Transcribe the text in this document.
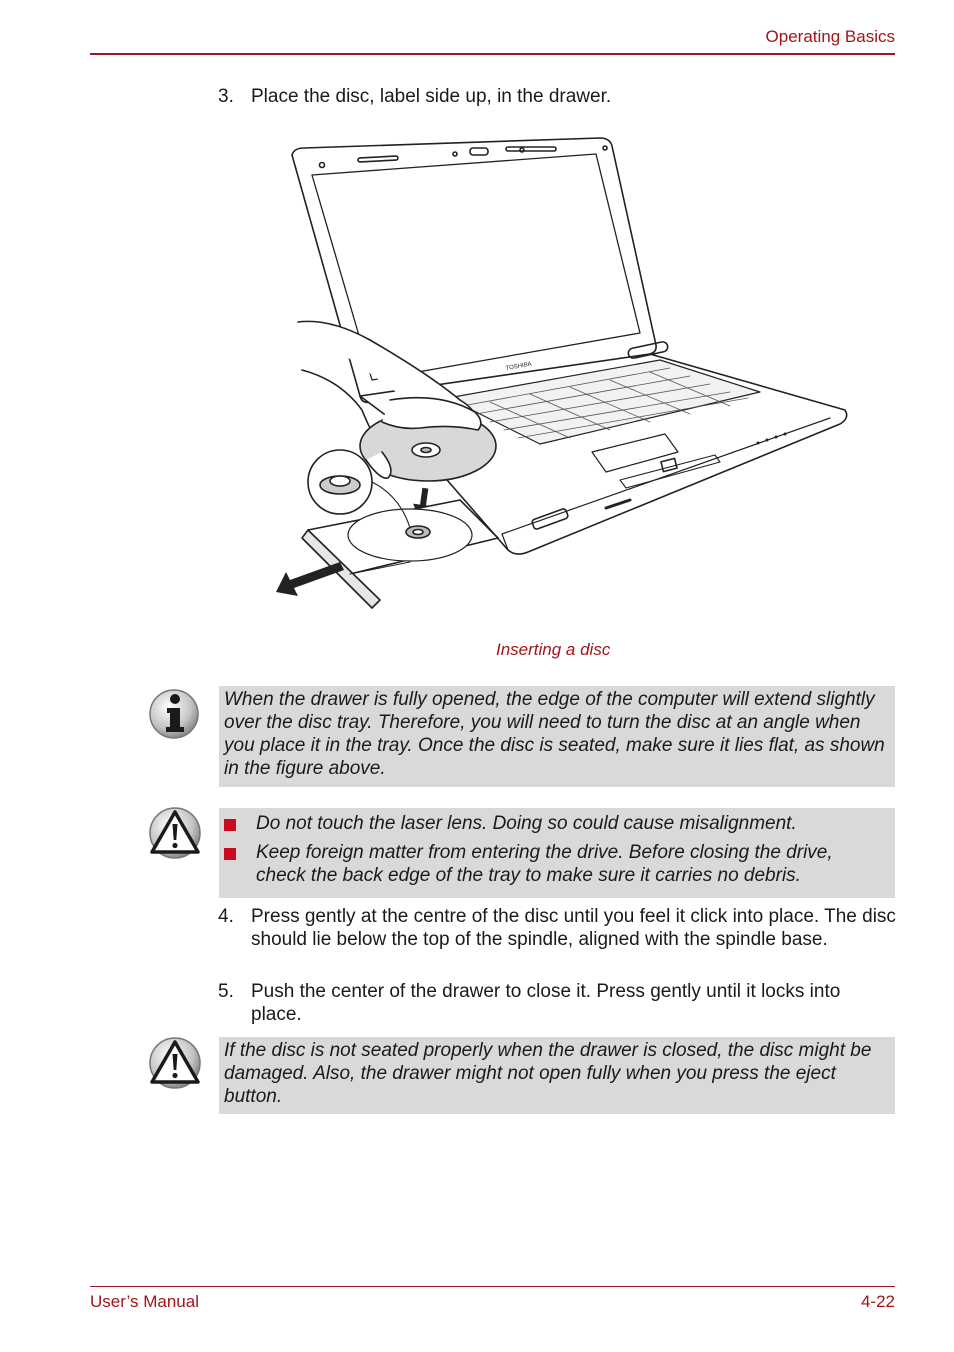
Operating Basics
3. Place the disc, label side up, in the drawer.
TOSHIBA
Inserting a disc
When the drawer is fully opened, the edge of the computer will extend slightly over the disc tray. Therefore, you will need to turn the disc at an angle when you place it in the tray. Once the disc is seated, make sure it lies flat, as shown in the figure above.
Do not touch the laser lens. Doing so could cause misalignment.
Keep foreign matter from entering the drive. Before closing the drive, check the back edge of the tray to make sure it carries no debris.
4. Press gently at the centre of the disc until you feel it click into place. The disc should lie below the top of the spindle, aligned with the spindle base.
5. Push the center of the drawer to close it. Press gently until it locks into place.
If the disc is not seated properly when the drawer is closed, the disc might be damaged. Also, the drawer might not open fully when you press the eject button.
User’s Manual	4-22
